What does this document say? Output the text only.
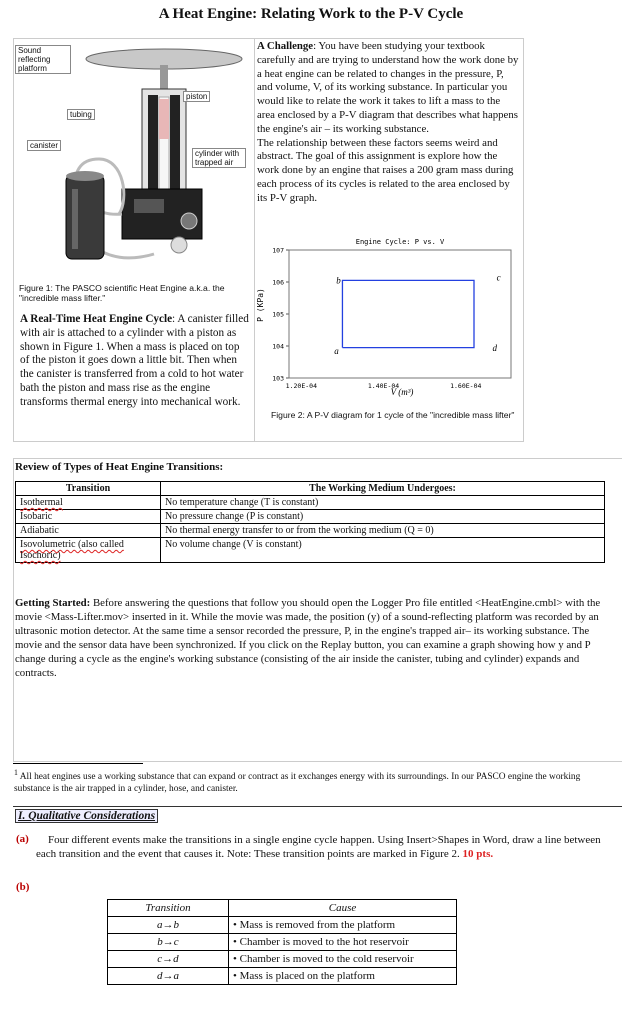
A Heat Engine: Relating Work to the P-V Cycle
Sound reflecting platform
piston
tubing
canister
cylinder with trapped air
Figure 1: The PASCO scientific Heat Engine a.k.a. the "incredible mass lifter."
A Real-Time Heat Engine Cycle: A canister filled with air is attached to a cylinder with a piston as shown in Figure 1. When a mass is placed on top of the piston it goes down a little bit. Then when the canister is transferred from a cold to hot water bath the piston and mass rise as the engine transforms thermal energy into mechanical work.
A Challenge: You have been studying your textbook carefully and are trying to understand how the work done by a heat engine can be related to changes in the pressure, P, and volume, V, of its working substance. In particular you would like to relate the work it takes to lift a mass to the area enclosed by a P-V diagram that describes what happens the engine's air – its working substance.
The relationship between these factors seems weird and abstract. The goal of this assignment is explore how the work done by an engine that raises a 200 gram mass during each process of its cycles is related to the area enclosed by its P-V graph.
Engine Cycle: P vs. V
107
106
105
104
103
1.20E-04	1.40E-04	1.60E-04
a
b	c
d
P (KPa)
V (m³)
Figure 2: A P-V diagram for 1 cycle of the "incredible mass lifter"
Review of Types of Heat Engine Transitions:
Transition	The Working Medium Undergoes:
Isothermal	No temperature change (T is constant)
Isobaric	No pressure change (P is constant)
Adiabatic	No thermal energy transfer to or from the working medium (Q = 0)
Isovolumetric (also called Isochoric)	No volume change (V is constant)
Getting Started: Before answering the questions that follow you should open the Logger Pro file entitled <HeatEngine.cmbl> with the movie <Mass-Lifter.mov> inserted in it. While the movie was made, the position (y) of a sound-reflecting platform was recorded by an ultrasonic motion detector. At the same time a sensor recorded the pressure, P, in the engine's trapped air– its working substance. The movie and the sensor data have been synchronized. If you click on the Replay button, you can examine a graph showing how y and P change during a cycle as the engine's working substance (consisting of the air inside the canister, tubing and cylinder) expands and contracts.
$^1$ All heat engines use a working substance that can expand or contract as it exchanges energy with its surroundings. In our PASCO engine the working substance is the air trapped in a cylinder, hose, and canister.
I. Qualitative Considerations
(a)	Four different events make the transitions in a single engine cycle happen. Using Insert>Shapes in Word, draw a line between each transition and the event that causes it. Note: These transition points are marked in Figure 2. 10 pts.
(b)
Transition	Cause
a→b	• Mass is removed from the platform
b→c	• Chamber is moved to the hot reservoir
c→d	• Chamber is moved to the cold reservoir
d→a	• Mass is placed on the platform
